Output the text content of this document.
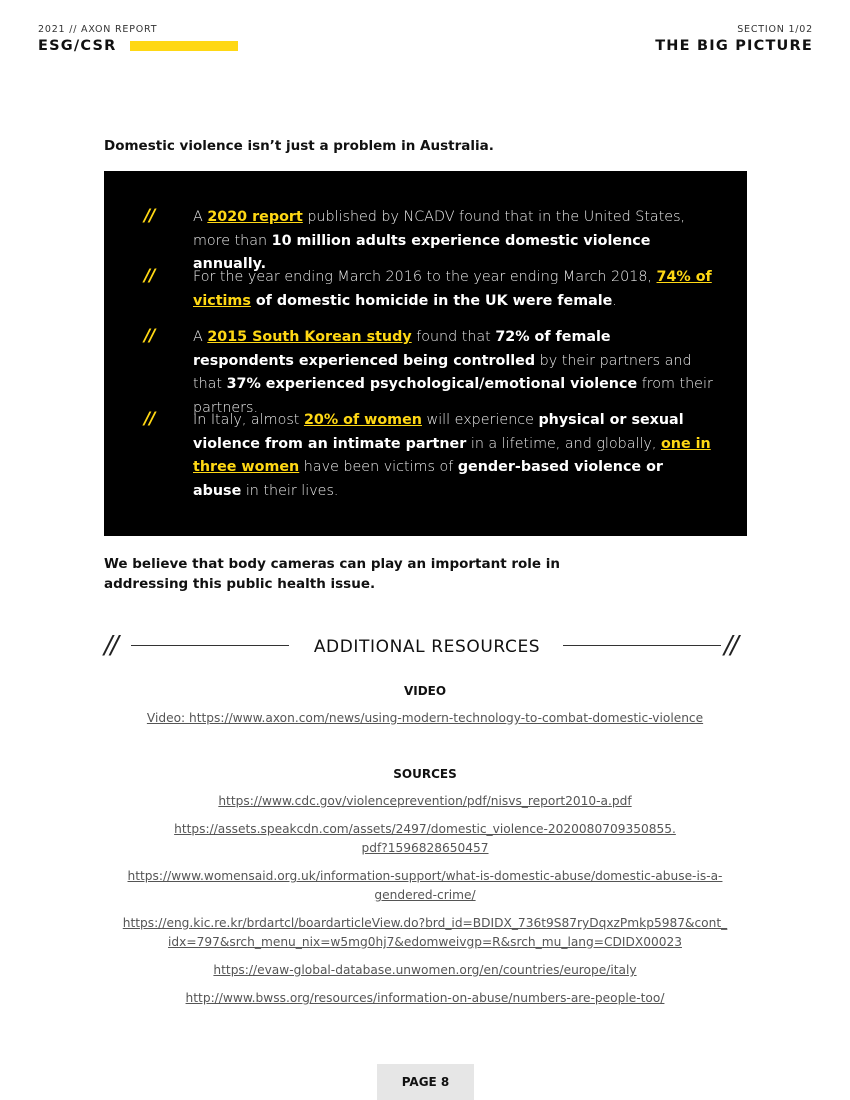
2021 // AXON REPORT
ESG/CSR
SECTION 1/02
THE BIG PICTURE
Domestic violence isn’t just a problem in Australia.
//	A 2020 report published by NCADV found that in the United States, more than 10 million adults experience domestic violence annually.
//	For the year ending March 2016 to the year ending March 2018, 74% of victims of domestic homicide in the UK were female.
//	A 2015 South Korean study found that 72% of female respondents experienced being controlled by their partners and that 37% experienced psychological/emotional violence from their partners.
//	In Italy, almost 20% of women will experience physical or sexual violence from an intimate partner in a lifetime, and globally, one in three women have been victims of gender-based violence or abuse in their lives.
We believe that body cameras can play an important role in addressing this public health issue.
//	ADDITIONAL RESOURCES	//
VIDEO
Video: https://www.axon.com/news/using-modern-technology-to-combat-domestic-violence
SOURCES
https://www.cdc.gov/violenceprevention/pdf/nisvs_report2010-a.pdf
https://assets.speakcdn.com/assets/2497/domestic_violence-2020080709350855.
pdf?1596828650457
https://www.womensaid.org.uk/information-support/what-is-domestic-abuse/domestic-abuse-is-a-
gendered-crime/
https://eng.kic.re.kr/brdartcl/boardarticleView.do?brd_id=BDIDX_736t9S87ryDqxzPmkp5987&cont_
idx=797&srch_menu_nix=w5mg0hj7&edomweivgp=R&srch_mu_lang=CDIDX00023
https://evaw-global-database.unwomen.org/en/countries/europe/italy
http://www.bwss.org/resources/information-on-abuse/numbers-are-people-too/
PAGE 8
